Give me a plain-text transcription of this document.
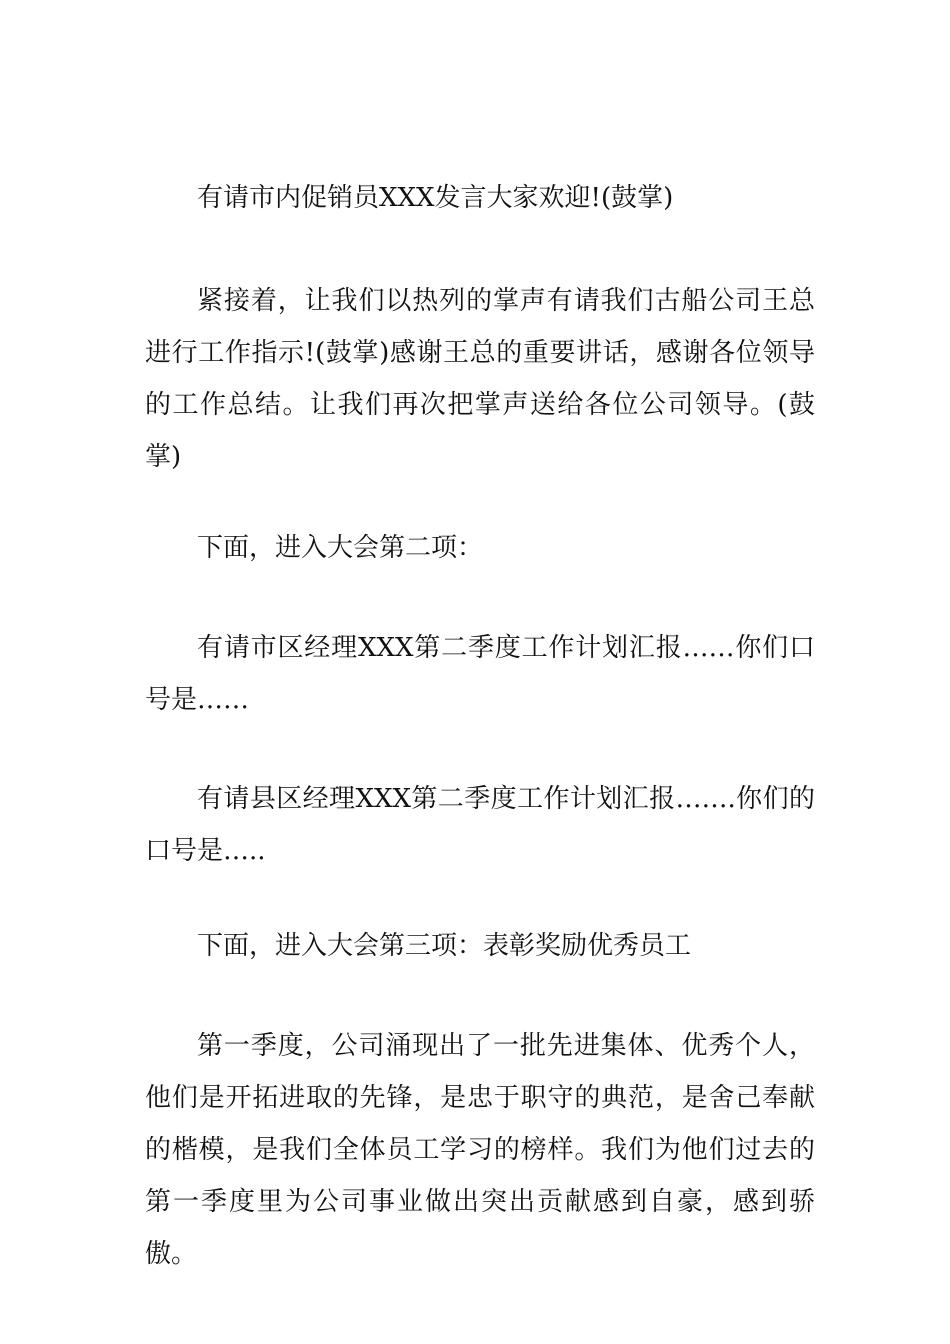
有请市内促销员XXX发言大家欢迎!(鼓掌)

紧接着，让我们以热列的掌声有请我们古船公司王总进行工作指示!(鼓掌)感谢王总的重要讲话，感谢各位领导的工作总结。让我们再次把掌声送给各位公司领导。(鼓掌)

下面，进入大会第二项：

有请市区经理XXX第二季度工作计划汇报……你们口号是……

有请县区经理XXX第二季度工作计划汇报…….你们的口号是…..

下面，进入大会第三项：表彰奖励优秀员工

第一季度，公司涌现出了一批先进集体、优秀个人，他们是开拓进取的先锋，是忠于职守的典范，是舍己奉献的楷模，是我们全体员工学习的榜样。我们为他们过去的第一季度里为公司事业做出突出贡献感到自豪，感到骄傲。
